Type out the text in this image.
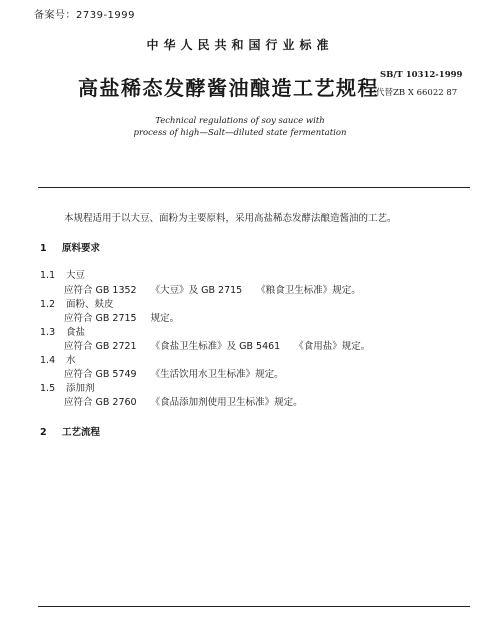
备案号：2739-1999
中华人民共和国行业标准
高盐稀态发酵酱油酿造工艺规程
SB/T 10312-1999
代替ZB X 66022 87
Technical regulations of soy sauce with
process of high—Salt—diluted state fermentation
本规程适用于以大豆、面粉为主要原料，采用高盐稀态发酵法酿造酱油的工艺。
1 原料要求
1.1 大豆
应符合 GB 1352 《大豆》及 GB 2715 《粮食卫生标准》规定。
1.2 面粉、麸皮
应符合 GB 2715 规定。
1.3 食盐
应符合 GB 2721 《食盐卫生标准》及 GB 5461 《食用盐》规定。
1.4 水
应符合 GB 5749 《生活饮用水卫生标准》规定。
1.5 添加剂
应符合 GB 2760 《食品添加剂使用卫生标准》规定。
2 工艺流程
